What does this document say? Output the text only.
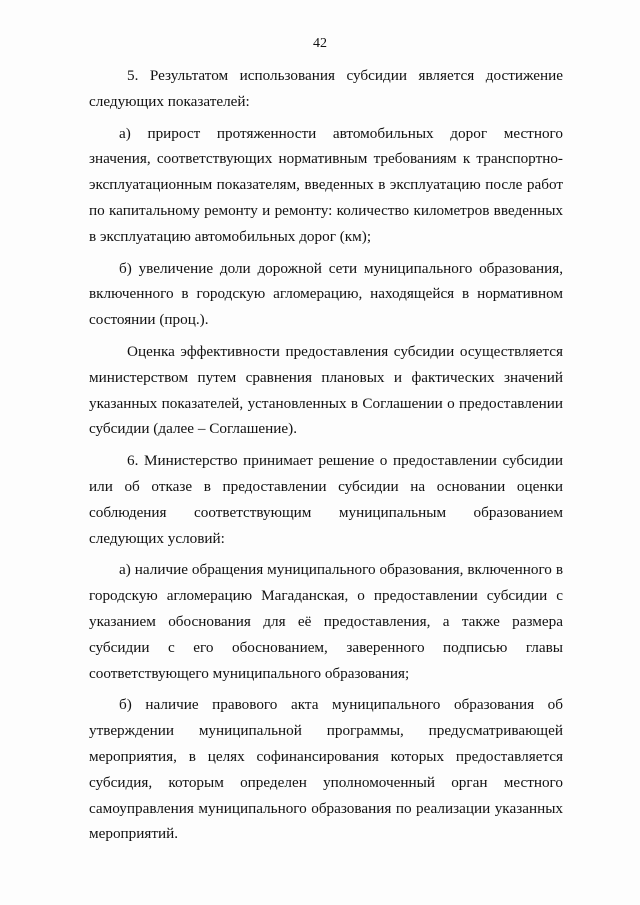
42

5. Результатом использования субсидии является достижение следующих показателей:

а) прирост протяженности автомобильных дорог местного значения, соответствующих нормативным требованиям к транспортно-эксплуатационным показателям, введенных в эксплуатацию после работ по капитальному ремонту и ремонту: количество километров введенных в эксплуатацию автомобильных дорог (км);

б) увеличение доли дорожной сети муниципального образования, включенного в городскую агломерацию, находящейся в нормативном состоянии (проц.).

Оценка эффективности предоставления субсидии осуществляется министерством путем сравнения плановых и фактических значений указанных показателей, установленных в Соглашении о предоставлении субсидии (далее – Соглашение).

6. Министерство принимает решение о предоставлении субсидии или об отказе в предоставлении субсидии на основании оценки соблюдения соответствующим муниципальным образованием следующих условий:

а) наличие обращения муниципального образования, включенного в городскую агломерацию Магаданская, о предоставлении субсидии с указанием обоснования для её предоставления, а также размера субсидии с его обоснованием, заверенного подписью главы соответствующего муниципального образования;

б) наличие правового акта муниципального образования об утверждении муниципальной программы, предусматривающей мероприятия, в целях софинансирования которых предоставляется субсидия, которым определен уполномоченный орган местного самоуправления муниципального образования по реализации указанных мероприятий.
